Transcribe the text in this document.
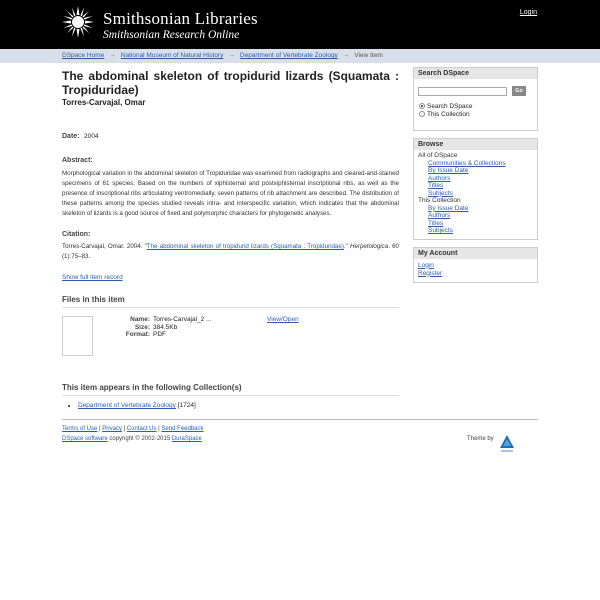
Smithsonian Libraries
Smithsonian Research Online
Login
DSpace Home → National Museum of Natural History → Department of Vertebrate Zoology → View Item
The abdominal skeleton of tropidurid lizards (Squamata : Tropiduridae)
Torres-Carvajal, Omar
Date: 2004
Abstract:
Morphological variation in the abdominal skeleton of Tropiduridae was examined from radiographs and cleared-and-stained specimens of 61 species. Based on the numbers of xiphisternal and postxiphisternal inscriptional ribs, as well as the presence of inscriptional ribs articulating ventromedially, seven patterns of rib attachment are described. The distribution of these patterns among the species studied reveals intra- and interspecific variation, which indicates that the abdominal skeleton of lizards is a good source of fixed and polymorphic characters for phylogenetic analyses.
Citation:
Torres-Carvajal, Omar. 2004. "The abdominal skeleton of tropidurid lizards (Squamata : Tropiduridae)." Herpetologica. 60 (1):75–83.
Show full item record
Files in this item
Name: Torres-Carvajal_2 ...
Size: 384.5Kb
Format: PDF
View/Open
This item appears in the following Collection(s)
• Department of Vertebrate Zoology [1724]
Search DSpace
Go
Search DSpace
This Collection
Browse
All of DSpace
Communities & Collections
By Issue Date
Authors
Titles
Subjects
This Collection
By Issue Date
Authors
Titles
Subjects
My Account
Login
Register
Terms of Use | Privacy | Contact Us | Send Feedback
DSpace software copyright © 2002-2015 DuraSpace	Theme by
